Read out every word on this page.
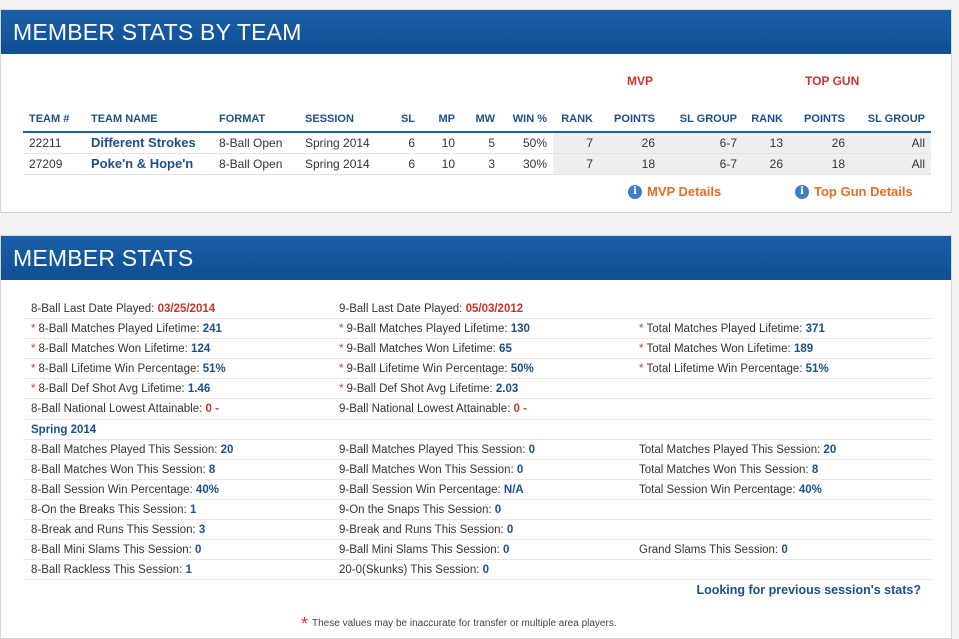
MEMBER STATS BY TEAM
MVP	TOP GUN
TEAM #	TEAM NAME	FORMAT	SESSION	SL	MP	MW	WIN %	RANK	POINTS	SL GROUP	RANK	POINTS	SL GROUP
22211	Different Strokes	8-Ball Open	Spring 2014	6	10	5	50%	7	26	6-7	13	26	All
27209	Poke'n & Hope'n	8-Ball Open	Spring 2014	6	10	3	30%	7	18	6-7	26	18	All
i MVP Details	i Top Gun Details
MEMBER STATS
8-Ball Last Date Played: 03/25/2014	9-Ball Last Date Played: 05/03/2012
* 8-Ball Matches Played Lifetime: 241	* 9-Ball Matches Played Lifetime: 130	* Total Matches Played Lifetime: 371
* 8-Ball Matches Won Lifetime: 124	* 9-Ball Matches Won Lifetime: 65	* Total Matches Won Lifetime: 189
* 8-Ball Lifetime Win Percentage: 51%	* 9-Ball Lifetime Win Percentage: 50%	* Total Lifetime Win Percentage: 51%
* 8-Ball Def Shot Avg Lifetime: 1.46	* 9-Ball Def Shot Avg Lifetime: 2.03
8-Ball National Lowest Attainable: 0 -	9-Ball National Lowest Attainable: 0 -
Spring 2014
8-Ball Matches Played This Session: 20	9-Ball Matches Played This Session: 0	Total Matches Played This Session: 20
8-Ball Matches Won This Session: 8	9-Ball Matches Won This Session: 0	Total Matches Won This Session: 8
8-Ball Session Win Percentage: 40%	9-Ball Session Win Percentage: N/A	Total Session Win Percentage: 40%
8-On the Breaks This Session: 1	9-On the Snaps This Session: 0
8-Break and Runs This Session: 3	9-Break and Runs This Session: 0
8-Ball Mini Slams This Session: 0	9-Ball Mini Slams This Session: 0	Grand Slams This Session: 0
8-Ball Rackless This Session: 1	20-0(Skunks) This Session: 0
Looking for previous session's stats?
* These values may be inaccurate for transfer or multiple area players.
